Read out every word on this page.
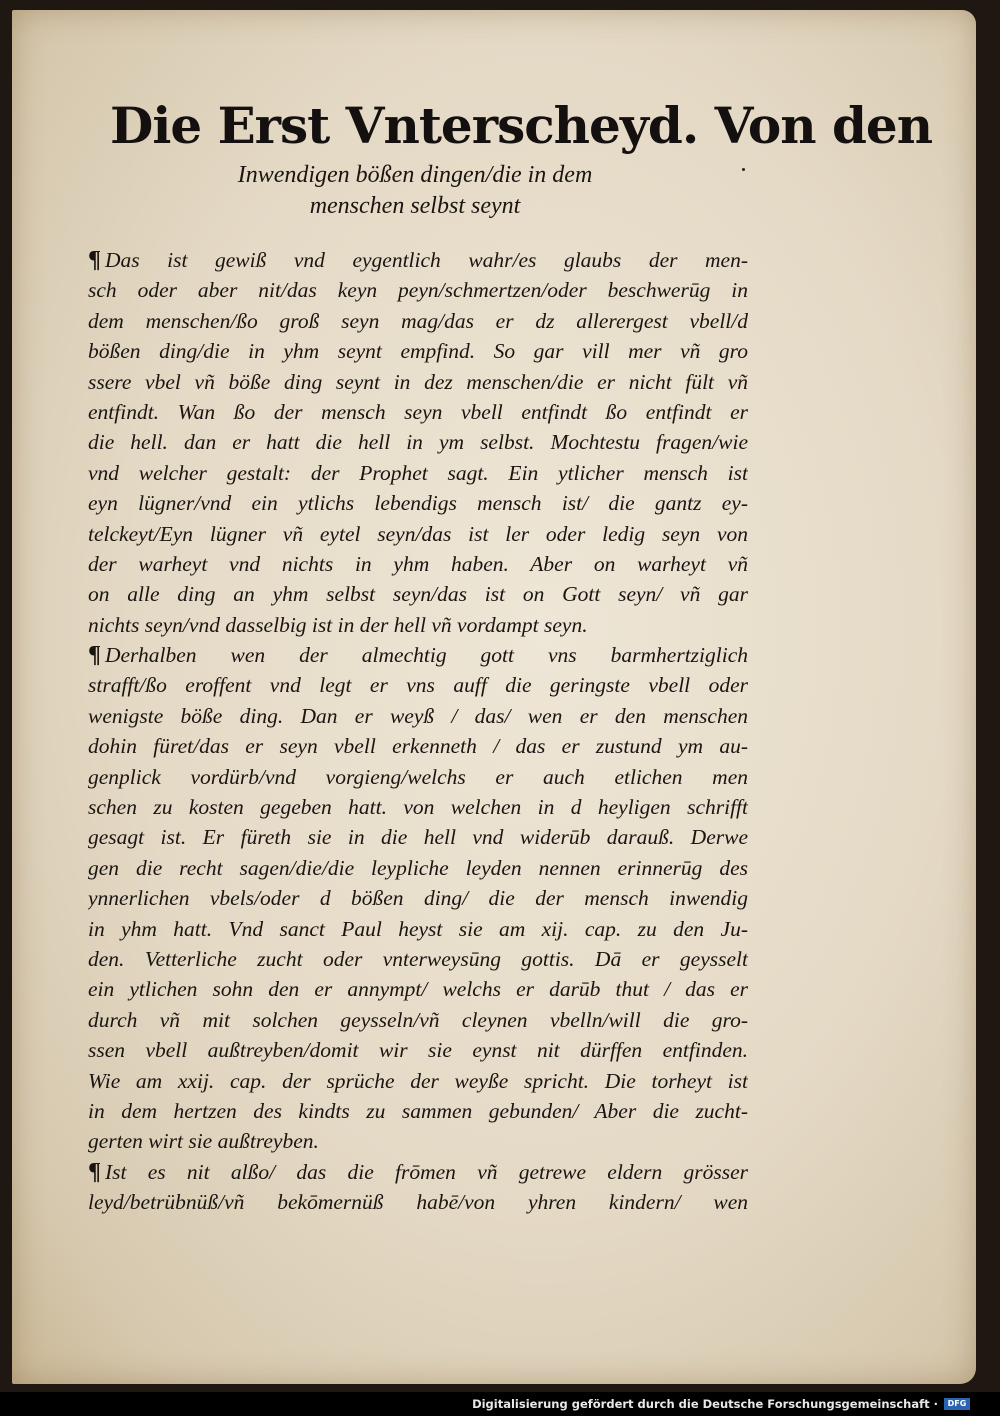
Die Erst Vnterscheyd. Von den
Inwendigen bößen dingen/die in dem
menschen selbst seynt
¶ Das ist gewiß vnd eygentlich wahr/es glaubs der men-
sch oder aber nit/das keyn peyn/schmertzen/oder beschwerūg in
dem menschen/ßo groß seyn mag/das er dz allerergest vbell/d
bößen ding/die in yhm seynt empfind. So gar vill mer vñ gro
ssere vbel vñ böße ding seynt in dez menschen/die er nicht fült vñ
entfindt. Wan ßo der mensch seyn vbell entfindt ßo entfindt er
die hell. dan er hatt die hell in ym selbst. Mochtestu fragen/wie
vnd welcher gestalt: der Prophet sagt. Ein ytlicher mensch ist
eyn lügner/vnd ein ytlichs lebendigs mensch ist/ die gantz ey-
telckeyt/Eyn lügner vñ eytel seyn/das ist ler oder ledig seyn von
der warheyt vnd nichts in yhm haben. Aber on warheyt vñ
on alle ding an yhm selbst seyn/das ist on Gott seyn/ vñ gar
nichts seyn/vnd dasselbig ist in der hell vñ vordampt seyn.
¶ Derhalben wen der almechtig gott vns barmhertziglich
strafft/ßo eroffent vnd legt er vns auff die geringste vbell oder
wenigste böße ding. Dan er weyß / das/ wen er den menschen
dohin füret/das er seyn vbell erkenneth / das er zustund ym au-
genplick vordürb/vnd vorgieng/welchs er auch etlichen men
schen zu kosten gegeben hatt. von welchen in d heyligen schrifft
gesagt ist. Er füreth sie in die hell vnd widerūb darauß. Derwe
gen die recht sagen/die/die leypliche leyden nennen erinnerūg des
ynnerlichen vbels/oder d bößen ding/ die der mensch inwendig
in yhm hatt. Vnd sanct Paul heyst sie am xij. cap. zu den Ju-
den. Vetterliche zucht oder vnterweysūng gottis. Dā er geysselt
ein ytlichen sohn den er annympt/ welchs er darūb thut / das er
durch vñ mit solchen geysseln/vñ cleynen vbelln/will die gro-
ssen vbell außtreyben/domit wir sie eynst nit dürffen entfinden.
Wie am xxij. cap. der sprüche der weyße spricht. Die torheyt ist
in dem hertzen des kindts zu sammen gebunden/ Aber die zucht-
gerten wirt sie außtreyben.
¶ Ist es nit alßo/ das die frōmen vñ getrewe eldern grösser
leyd/betrübnüß/vñ bekōmernüß habē/von yhren kindern/ wen
Digitalisierung gefördert durch die Deutsche Forschungsgemeinschaft ·	DFG
